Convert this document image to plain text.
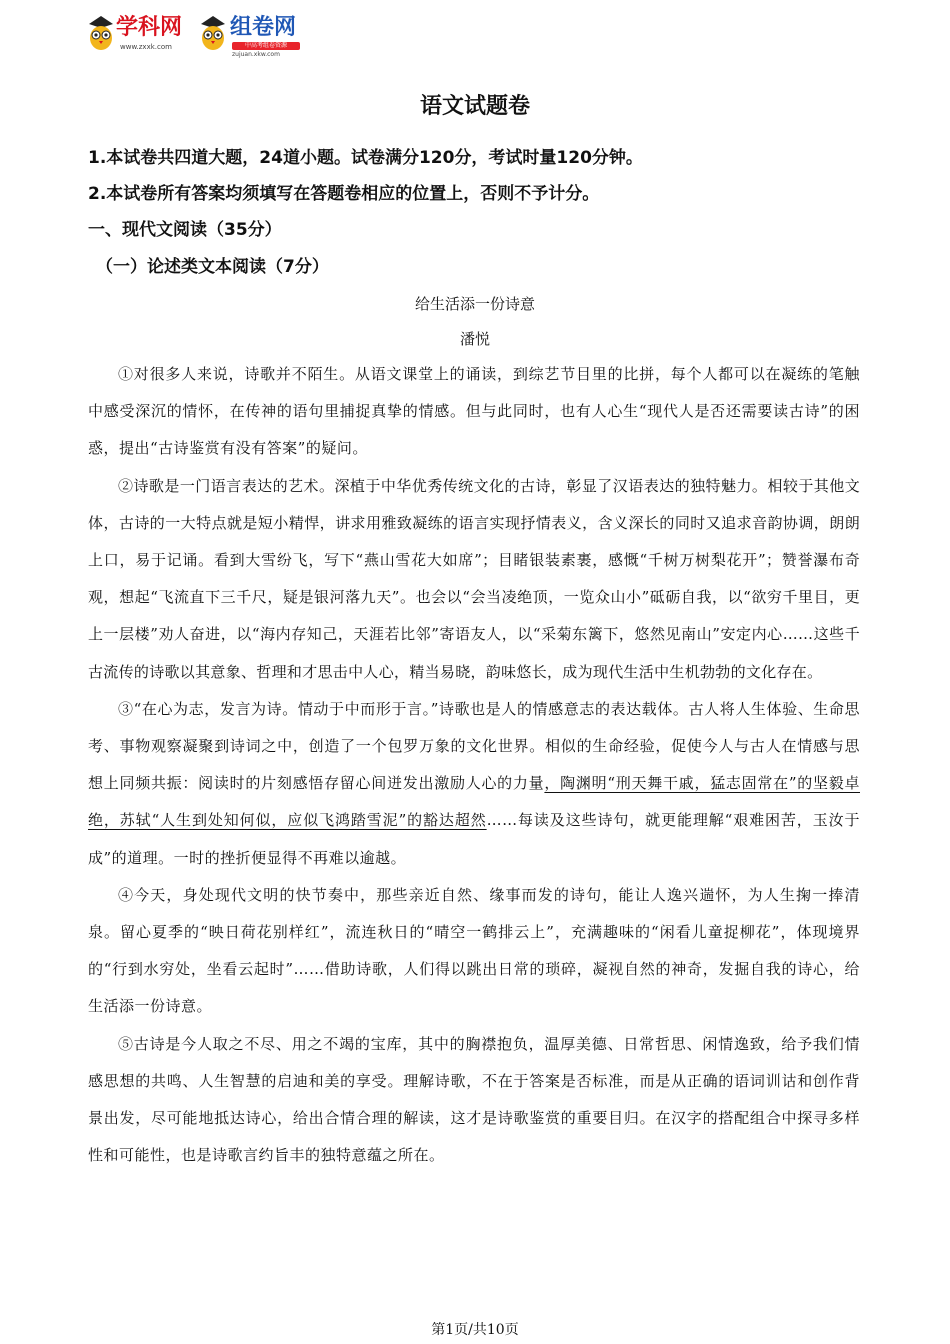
学科网
www.zxxk.com
组卷网
中高考组卷资源
zujuan.xkw.com
语文试题卷
1.本试卷共四道大题，24道小题。试卷满分120分，考试时量120分钟。
2.本试卷所有答案均须填写在答题卷相应的位置上，否则不予计分。
一、现代文阅读（35分）
（一）论述类文本阅读（7分）
给生活添一份诗意
潘悦

①对很多人来说，诗歌并不陌生。从语文课堂上的诵读，到综艺节目里的比拼，每个人都可以在凝练的笔触中感受深沉的情怀，在传神的语句里捕捉真挚的情感。但与此同时，也有人心生“现代人是否还需要读古诗”的困惑，提出“古诗鉴赏有没有答案”的疑问。

②诗歌是一门语言表达的艺术。深植于中华优秀传统文化的古诗，彰显了汉语表达的独特魅力。相较于其他文体，古诗的一大特点就是短小精悍，讲求用雅致凝练的语言实现抒情表义，含义深长的同时又追求音韵协调，朗朗上口，易于记诵。看到大雪纷飞，写下“燕山雪花大如席”；目睹银装素裹，感慨“千树万树梨花开”；赞誉瀑布奇观，想起“飞流直下三千尺，疑是银河落九天”。也会以“会当凌绝顶，一览众山小”砥砺自我，以“欲穷千里目，更上一层楼”劝人奋进，以“海内存知己，天涯若比邻”寄语友人，以“采菊东篱下，悠然见南山”安定内心……这些千古流传的诗歌以其意象、哲理和才思击中人心，精当易晓，韵味悠长，成为现代生活中生机勃勃的文化存在。

③“在心为志，发言为诗。情动于中而形于言。”诗歌也是人的情感意志的表达载体。古人将人生体验、生命思考、事物观察凝聚到诗词之中，创造了一个包罗万象的文化世界。相似的生命经验，促使今人与古人在情感与思想上同频共振：阅读时的片刻感悟存留心间迸发出激励人心的力量，陶渊明“刑天舞干戚，猛志固常在”的坚毅卓绝，苏轼“人生到处知何似，应似飞鸿踏雪泥”的豁达超然……每读及这些诗句，就更能理解“艰难困苦，玉汝于成”的道理。一时的挫折便显得不再难以逾越。

④今天，身处现代文明的快节奏中，那些亲近自然、缘事而发的诗句，能让人逸兴遄怀，为人生掬一捧清泉。留心夏季的“映日荷花别样红”，流连秋日的“晴空一鹤排云上”，充满趣味的“闲看儿童捉柳花”，体现境界的“行到水穷处，坐看云起时”……借助诗歌，人们得以跳出日常的琐碎，凝视自然的神奇，发掘自我的诗心，给生活添一份诗意。

⑤古诗是今人取之不尽、用之不竭的宝库，其中的胸襟抱负，温厚美德、日常哲思、闲情逸致，给予我们情感思想的共鸣、人生智慧的启迪和美的享受。理解诗歌，不在于答案是否标准，而是从正确的语词训诂和创作背景出发，尽可能地抵达诗心，给出合情合理的解读，这才是诗歌鉴赏的重要目归。在汉字的搭配组合中探寻多样性和可能性，也是诗歌言约旨丰的独特意蕴之所在。

第1页/共10页
